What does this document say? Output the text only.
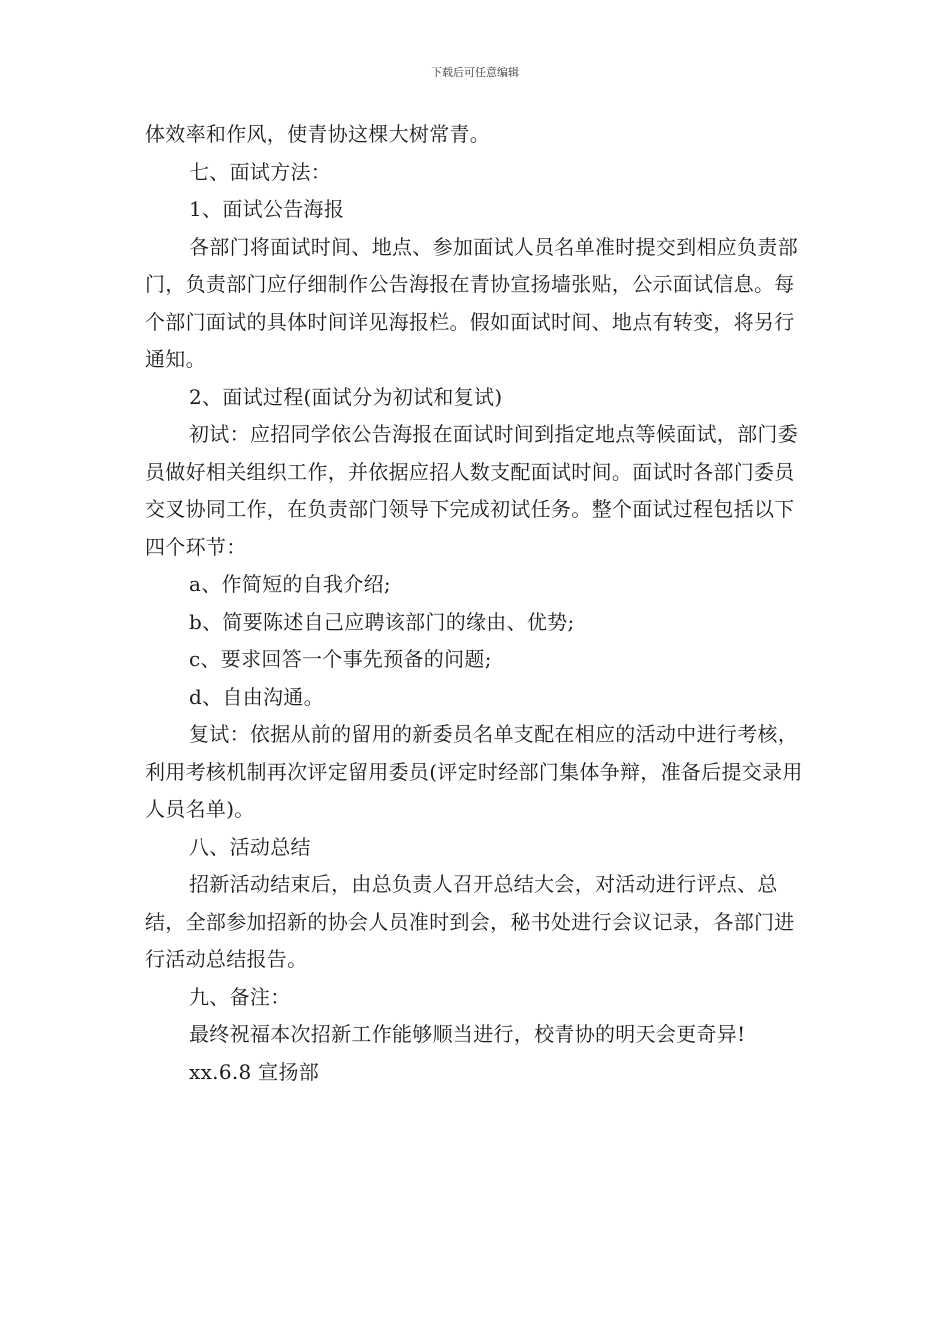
下载后可任意编辑

体效率和作风，使青协这棵大树常青。

七、面试方法：

1、面试公告海报

各部门将面试时间、地点、参加面试人员名单准时提交到相应负责部门，负责部门应仔细制作公告海报在青协宣扬墙张贴，公示面试信息。每个部门面试的具体时间详见海报栏。假如面试时间、地点有转变，将另行通知。

2、面试过程(面试分为初试和复试)

初试：应招同学依公告海报在面试时间到指定地点等候面试，部门委员做好相关组织工作，并依据应招人数支配面试时间。面试时各部门委员交叉协同工作，在负责部门领导下完成初试任务。整个面试过程包括以下四个环节：

a、作简短的自我介绍;

b、简要陈述自己应聘该部门的缘由、优势;

c、要求回答一个事先预备的问题;

d、自由沟通。

复试：依据从前的留用的新委员名单支配在相应的活动中进行考核，利用考核机制再次评定留用委员(评定时经部门集体争辩，准备后提交录用人员名单)。

八、活动总结

招新活动结束后，由总负责人召开总结大会，对活动进行评点、总结，全部参加招新的协会人员准时到会，秘书处进行会议记录，各部门进行活动总结报告。

九、备注：

最终祝福本次招新工作能够顺当进行，校青协的明天会更奇异!

xx.6.8 宣扬部
